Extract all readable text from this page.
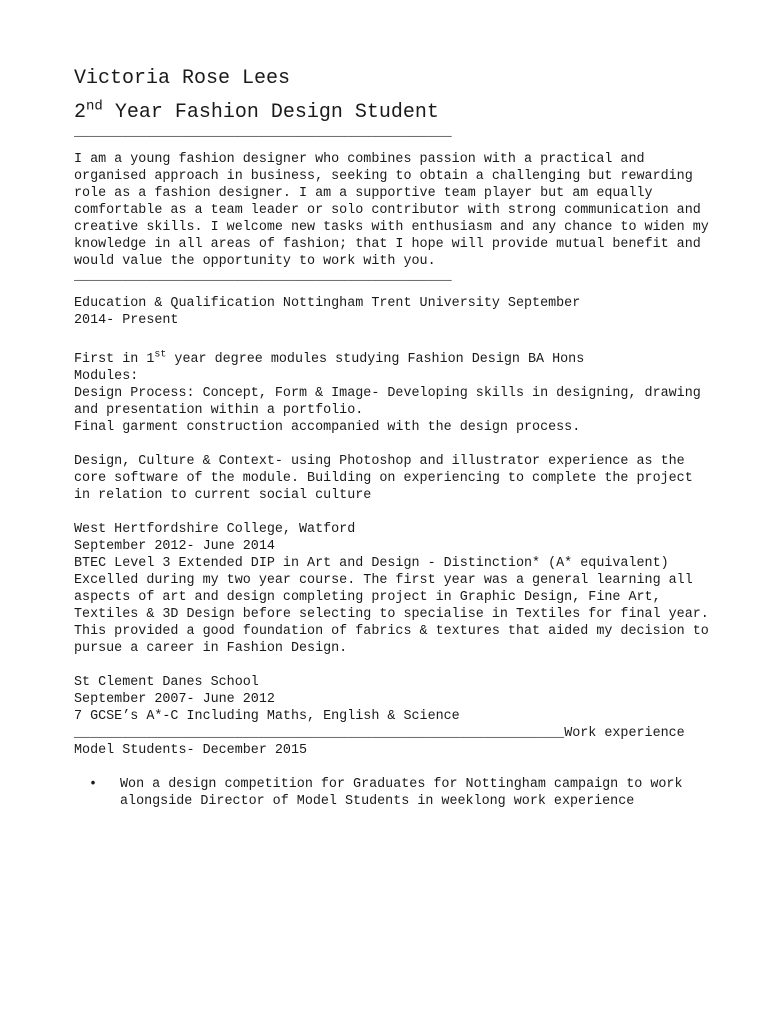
Victoria Rose Lees
2nd Year Fashion Design Student
_______________________________________________

I am a young fashion designer who combines passion with a practical and organised approach in business, seeking to obtain a challenging but rewarding role as a fashion designer. I am a supportive team player but am equally comfortable as a team leader or solo contributor with strong communication and creative skills. I welcome new tasks with enthusiasm and any chance to widen my knowledge in all areas of fashion; that I hope will provide mutual benefit and would value the opportunity to work with you.

_______________________________________________

Education & Qualification Nottingham Trent University September

2014- Present

First in 1st year degree modules studying Fashion Design BA Hons

Modules:

Design Process: Concept, Form & Image- Developing skills in designing, drawing and presentation within a portfolio.

Final garment construction accompanied with the design process.

Design, Culture & Context- using Photoshop and illustrator experience as the core software of the module. Building on experiencing to complete the project in relation to current social culture

West Hertfordshire College, Watford

September 2012- June 2014

BTEC Level 3 Extended DIP in Art and Design - Distinction* (A* equivalent)

Excelled during my two year course. The first year was a general learning all aspects of art and design completing project in Graphic Design, Fine Art, Textiles & 3D Design before selecting to specialise in Textiles for final year. This provided a good foundation of fabrics & textures that aided my decision to pursue a career in Fashion Design.

St Clement Danes School

September 2007- June 2012

7 GCSE’s A*-C Including Maths, English & Science

_____________________________________________________________Work experience

Model Students- December 2015

• Won a design competition for Graduates for Nottingham campaign to work alongside Director of Model Students in weeklong work experience
